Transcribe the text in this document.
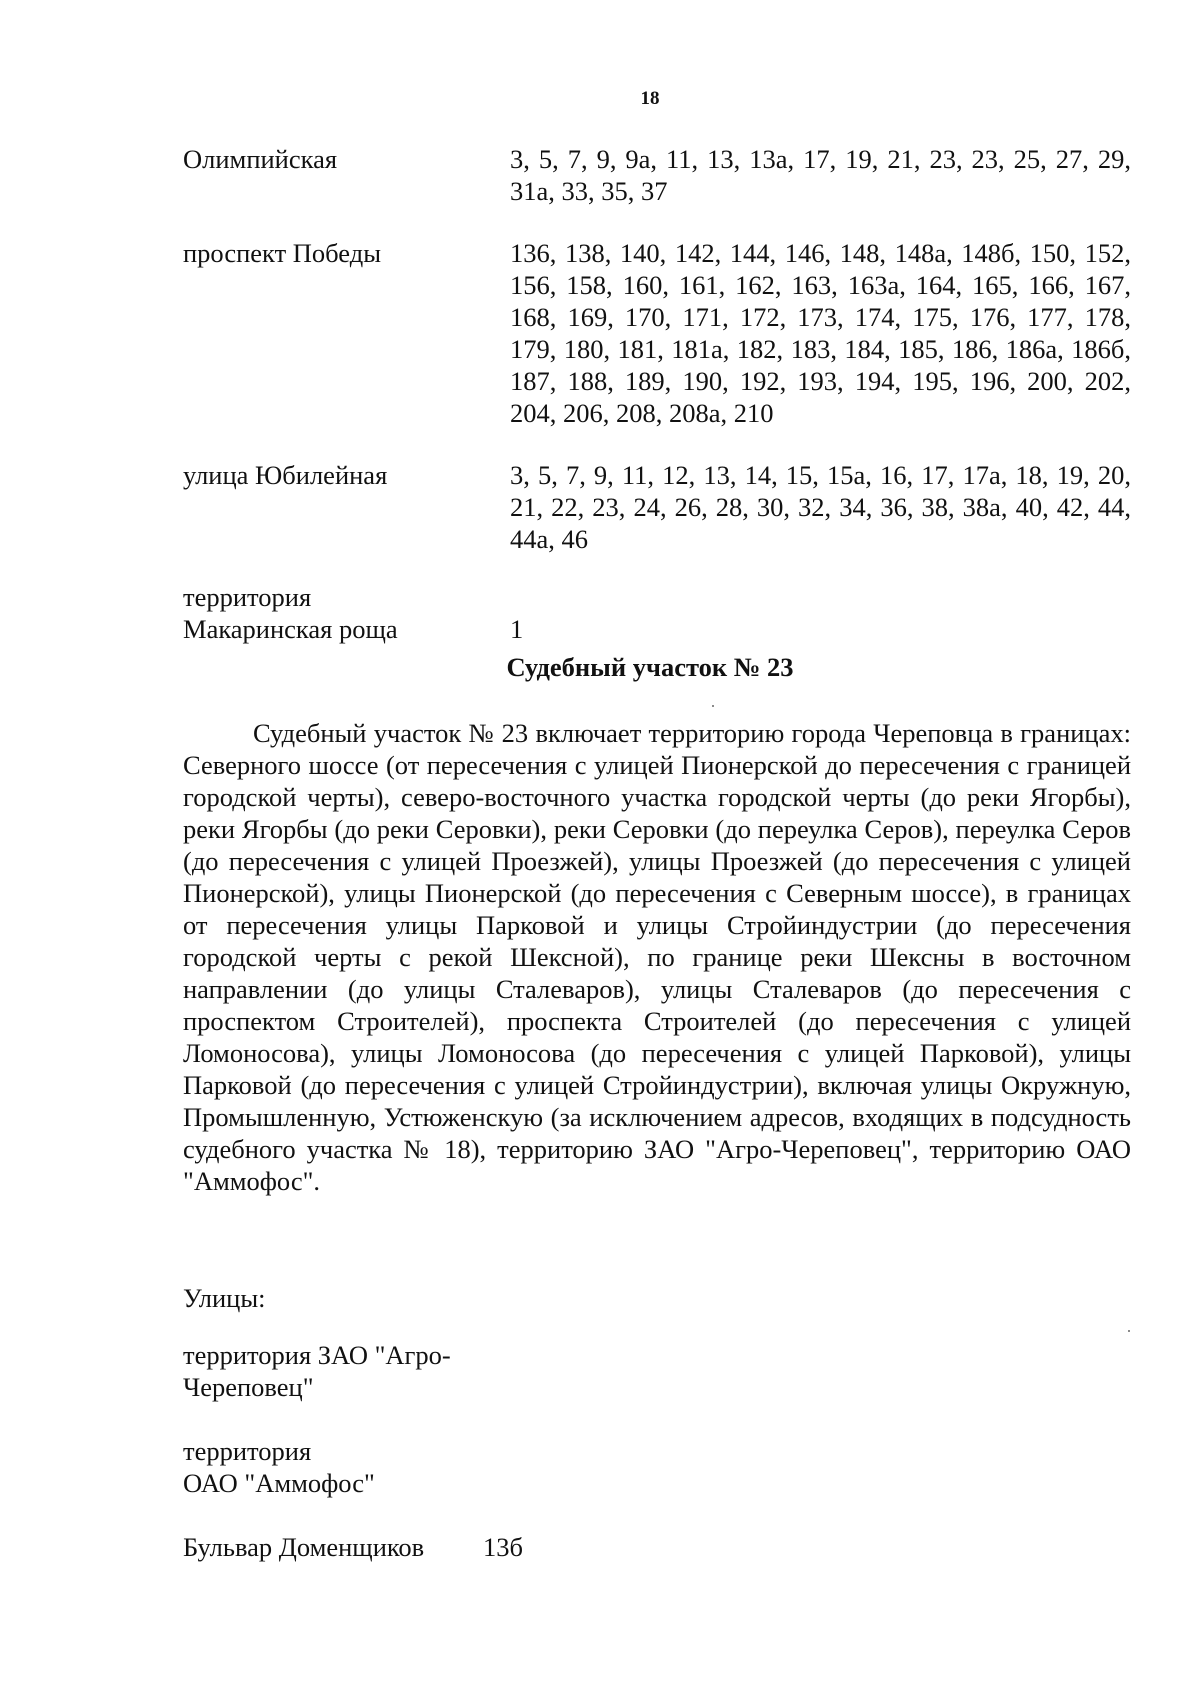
18
Олимпийская	3, 5, 7, 9, 9а, 11, 13, 13а, 17, 19, 21, 23, 23, 25, 27, 29, 31а, 33, 35, 37
проспект Победы	136, 138, 140, 142, 144, 146, 148, 148а, 148б, 150, 152, 156, 158, 160, 161, 162, 163, 163а, 164, 165, 166, 167, 168, 169, 170, 171, 172, 173, 174, 175, 176, 177, 178, 179, 180, 181, 181а, 182, 183, 184, 185, 186, 186а, 186б, 187, 188, 189, 190, 192, 193, 194, 195, 196, 200, 202, 204, 206, 208, 208а, 210
улица Юбилейная	3, 5, 7, 9, 11, 12, 13, 14, 15, 15а, 16, 17, 17а, 18, 19, 20, 21, 22, 23, 24, 26, 28, 30, 32, 34, 36, 38, 38а, 40, 42, 44, 44а, 46
территория
Макаринская роща	1
Судебный участок № 23

Судебный участок № 23 включает территорию города Череповца в границах: Северного шоссе (от пересечения с улицей Пионерской до пересечения с границей городской черты), северо-восточного участка городской черты (до реки Ягорбы), реки Ягорбы (до реки Серовки), реки Серовки (до переулка Серов), переулка Серов (до пересечения с улицей Проезжей), улицы Проезжей (до пересечения с улицей Пионерской), улицы Пионерской (до пересечения с Северным шоссе), в границах от пересечения улицы Парковой и улицы Стройиндустрии (до пересечения городской черты с рекой Шексной), по границе реки Шексны в восточном направлении (до улицы Сталеваров), улицы Сталеваров (до пересечения с проспектом Строителей), проспекта Строителей (до пересечения с улицей Ломоносова), улицы Ломоносова (до пересечения с улицей Парковой), улицы Парковой (до пересечения с улицей Стройиндустрии), включая улицы Окружную, Промышленную, Устюженскую (за исключением адресов, входящих в подсудность судебного участка № 18), территорию ЗАО "Агро-Череповец", территорию ОАО "Аммофос".

Улицы:
территория ЗАО "Агро-
Череповец"
территория
ОАО "Аммофос"
Бульвар Доменщиков	13б
